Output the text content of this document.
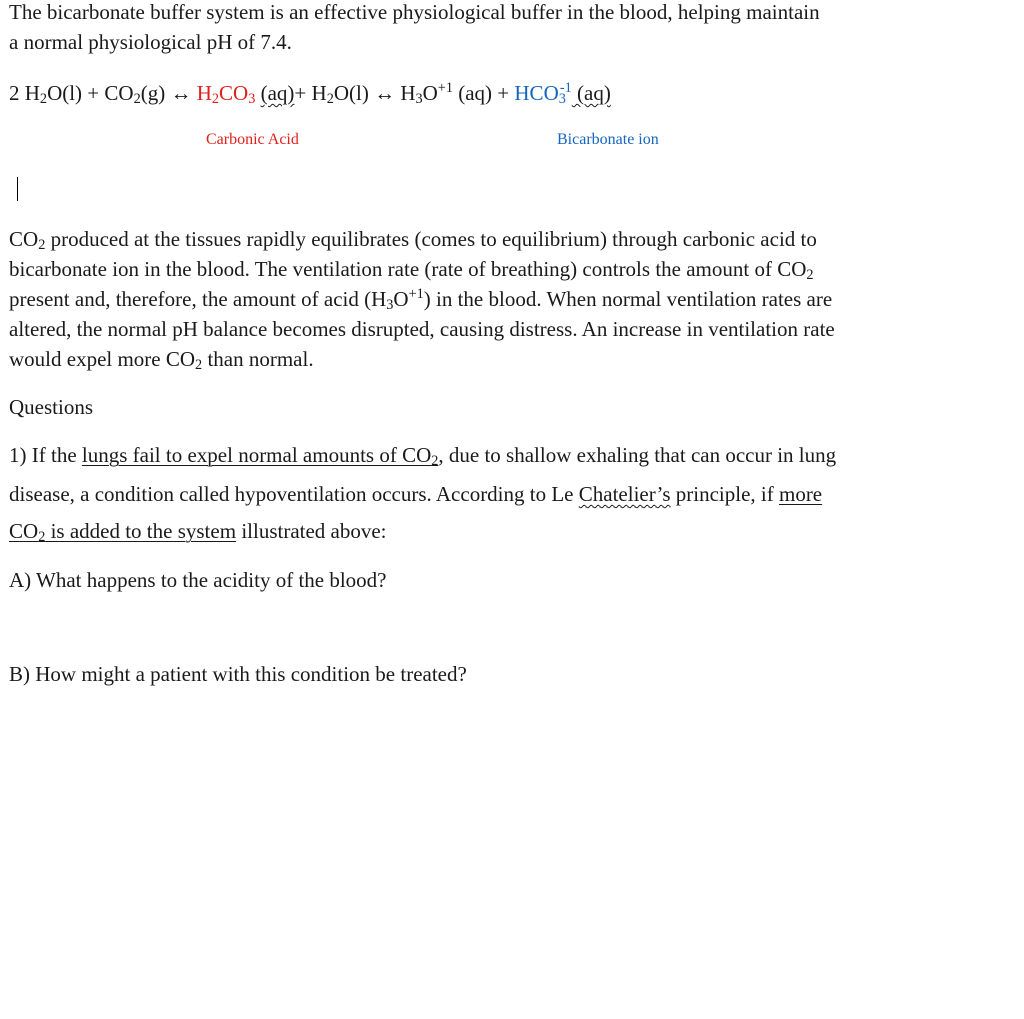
The bicarbonate buffer system is an effective physiological buffer in the blood, helping maintain
a normal physiological pH of 7.4.
2 $H_2O(l) + CO_2(g)$ ↔ $H_2CO_3$ $(aq)+ H_2O(l)$ ↔ $H_3O^{+1}$ $(aq) + HCO_3^{-1}$ (aq)
Carbonic Acid	Bicarbonate ion
$CO_2$ produced at the tissues rapidly equilibrates (comes to equilibrium) through carbonic acid to
bicarbonate ion in the blood. The ventilation rate (rate of breathing) controls the amount of $CO_2$
present and, therefore, the amount of acid $(H_3O^{+1})$ in the blood. When normal ventilation rates are
altered, the normal pH balance becomes disrupted, causing distress. An increase in ventilation rate
would expel more $CO_2$ than normal.
Questions
1) If the lungs fail to expel normal amounts of $CO_2$, due to shallow exhaling that can occur in lung
disease, a condition called hypoventilation occurs. According to Le Chatelier’s principle, if more
$CO_2$ is added to the system illustrated above:
A) What happens to the acidity of the blood?
B) How might a patient with this condition be treated?
